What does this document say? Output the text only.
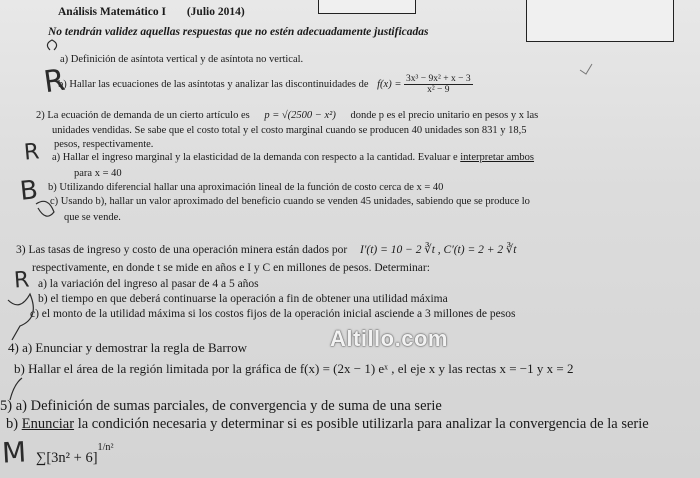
Análisis Matemático I (Julio 2014)
No tendrán validez aquellas respuestas que no estén adecuadamente justificadas
a) Definición de asíntota vertical y de asíntota no vertical.
b) Hallar las ecuaciones de las asíntotas y analizar las discontinuidades de $f(x) = \frac{\text{3x³ − 9x² + x − 3}}{\text{x² − 9}}$
2) La ecuación de demanda de un cierto artículo es p = √(2500 − x²) donde p es el precio unitario en pesos y x las
unidades vendidas. Se sabe que el costo total y el costo marginal cuando se producen 40 unidades son 831 y 18,5
pesos, respectivamente.
a) Hallar el ingreso marginal y la elasticidad de la demanda con respecto a la cantidad. Evaluar e interpretar ambos
para x = 40
b) Utilizando diferencial hallar una aproximación lineal de la función de costo cerca de x = 40
c) Usando b), hallar un valor aproximado del beneficio cuando se venden 45 unidades, sabiendo que se produce lo
que se vende.
3) Las tasas de ingreso y costo de una operación minera están dados por I′(t) = 10 − 2 ∛t , C′(t) = 2 + 2 ∛t
respectivamente, en donde t se mide en años e I y C en millones de pesos. Determinar:
a) la variación del ingreso al pasar de 4 a 5 años
b) el tiempo en que deberá continuarse la operación a fin de obtener una utilidad máxima
c) el monto de la utilidad máxima si los costos fijos de la operación inicial asciende a 3 millones de pesos
Altillo.com
4) a) Enunciar y demostrar la regla de Barrow
b) Hallar el área de la región limitada por la gráfica de f(x) = (2x − 1) eˣ , el eje x y las rectas x = −1 y x = 2
5) a) Definición de sumas parciales, de convergencia y de suma de una serie
b) Enunciar la condición necesaria y determinar si es posible utilizarla para analizar la convergencia de la serie
$\sum[3n^2 + 6]^{1/n^2}$
R
R
B
R
M
